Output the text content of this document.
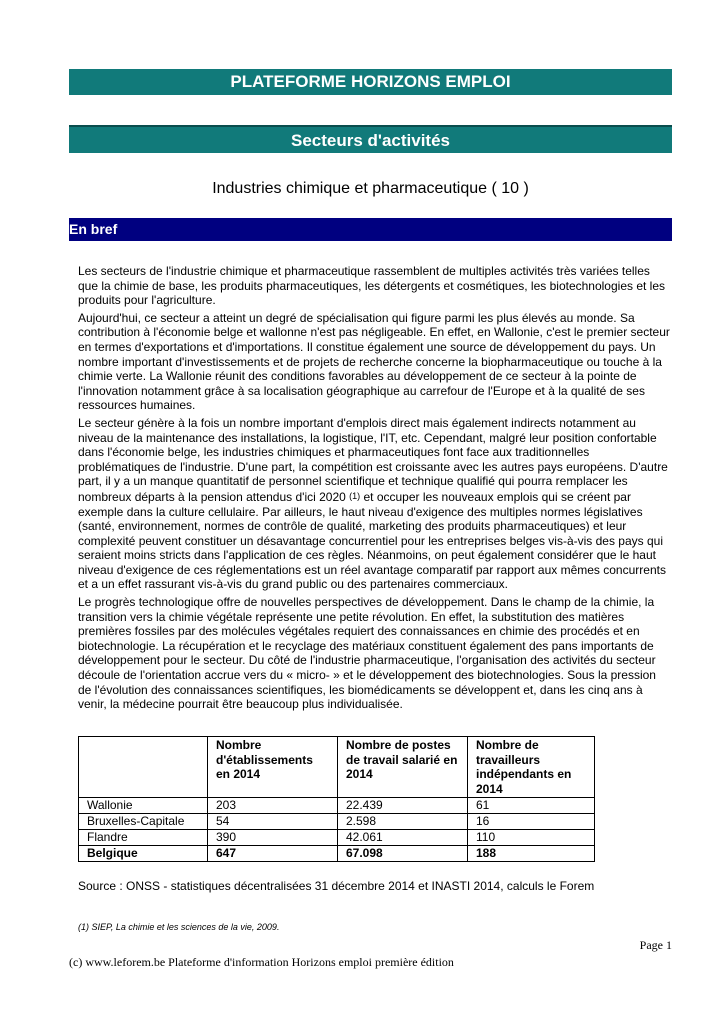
PLATEFORME HORIZONS EMPLOI
Secteurs d'activités
Industries chimique et pharmaceutique ( 10 )
En bref

Les secteurs de l'industrie chimique et pharmaceutique rassemblent de multiples activités très variées telles que la chimie de base, les produits pharmaceutiques, les détergents et cosmétiques, les biotechnologies et les produits pour l'agriculture.

Aujourd'hui, ce secteur a atteint un degré de spécialisation qui figure parmi les plus élevés au monde. Sa contribution à l'économie belge et wallonne n'est pas négligeable. En effet, en Wallonie, c'est le premier secteur en termes d'exportations et d'importations. Il constitue également une source de développement du pays. Un nombre important d'investissements et de projets de recherche concerne la biopharmaceutique ou touche à la chimie verte. La Wallonie réunit des conditions favorables au développement de ce secteur à la pointe de l'innovation notamment grâce à sa localisation géographique au carrefour de l'Europe et à la qualité de ses ressources humaines.

Le secteur génère à la fois un nombre important d'emplois direct mais également indirects notamment au niveau de la maintenance des installations, la logistique, l'IT, etc. Cependant, malgré leur position confortable dans l'économie belge, les industries chimiques et pharmaceutiques font face aux traditionnelles problématiques de l'industrie. D'une part, la compétition est croissante avec les autres pays européens. D'autre part, il y a un manque quantitatif de personnel scientifique et technique qualifié qui pourra remplacer les nombreux départs à la pension attendus d'ici 2020 $^{(1)}$ et occuper les nouveaux emplois qui se créent par exemple dans la culture cellulaire. Par ailleurs, le haut niveau d'exigence des multiples normes législatives (santé, environnement, normes de contrôle de qualité, marketing des produits pharmaceutiques) et leur complexité peuvent constituer un désavantage concurrentiel pour les entreprises belges vis-à-vis des pays qui seraient moins stricts dans l'application de ces règles. Néanmoins, on peut également considérer que le haut niveau d'exigence de ces réglementations est un réel avantage comparatif par rapport aux mêmes concurrents et a un effet rassurant vis-à-vis du grand public ou des partenaires commerciaux.

Le progrès technologique offre de nouvelles perspectives de développement. Dans le champ de la chimie, la transition vers la chimie végétale représente une petite révolution. En effet, la substitution des matières premières fossiles par des molécules végétales requiert des connaissances en chimie des procédés et en biotechnologie. La récupération et le recyclage des matériaux constituent également des pans importants de développement pour le secteur. Du côté de l'industrie pharmaceutique, l'organisation des activités du secteur découle de l'orientation accrue vers du « micro- » et le développement des biotechnologies. Sous la pression de l'évolution des connaissances scientifiques, les biomédicaments se développent et, dans les cinq ans à venir, la médecine pourrait être beaucoup plus individualisée.

	Nombre d'établissements en 2014	Nombre de postes de travail salarié en 2014	Nombre de travailleurs indépendants en 2014
Wallonie	203	22.439	61
Bruxelles-Capitale	54	2.598	16
Flandre	390	42.061	110
Belgique	647	67.098	188
Source : ONSS - statistiques décentralisées 31 décembre 2014 et INASTI 2014, calculs le Forem
(1) SIEP, La chimie et les sciences de la vie, 2009.
Page 1
(c) www.leforem.be Plateforme d'information Horizons emploi première édition
